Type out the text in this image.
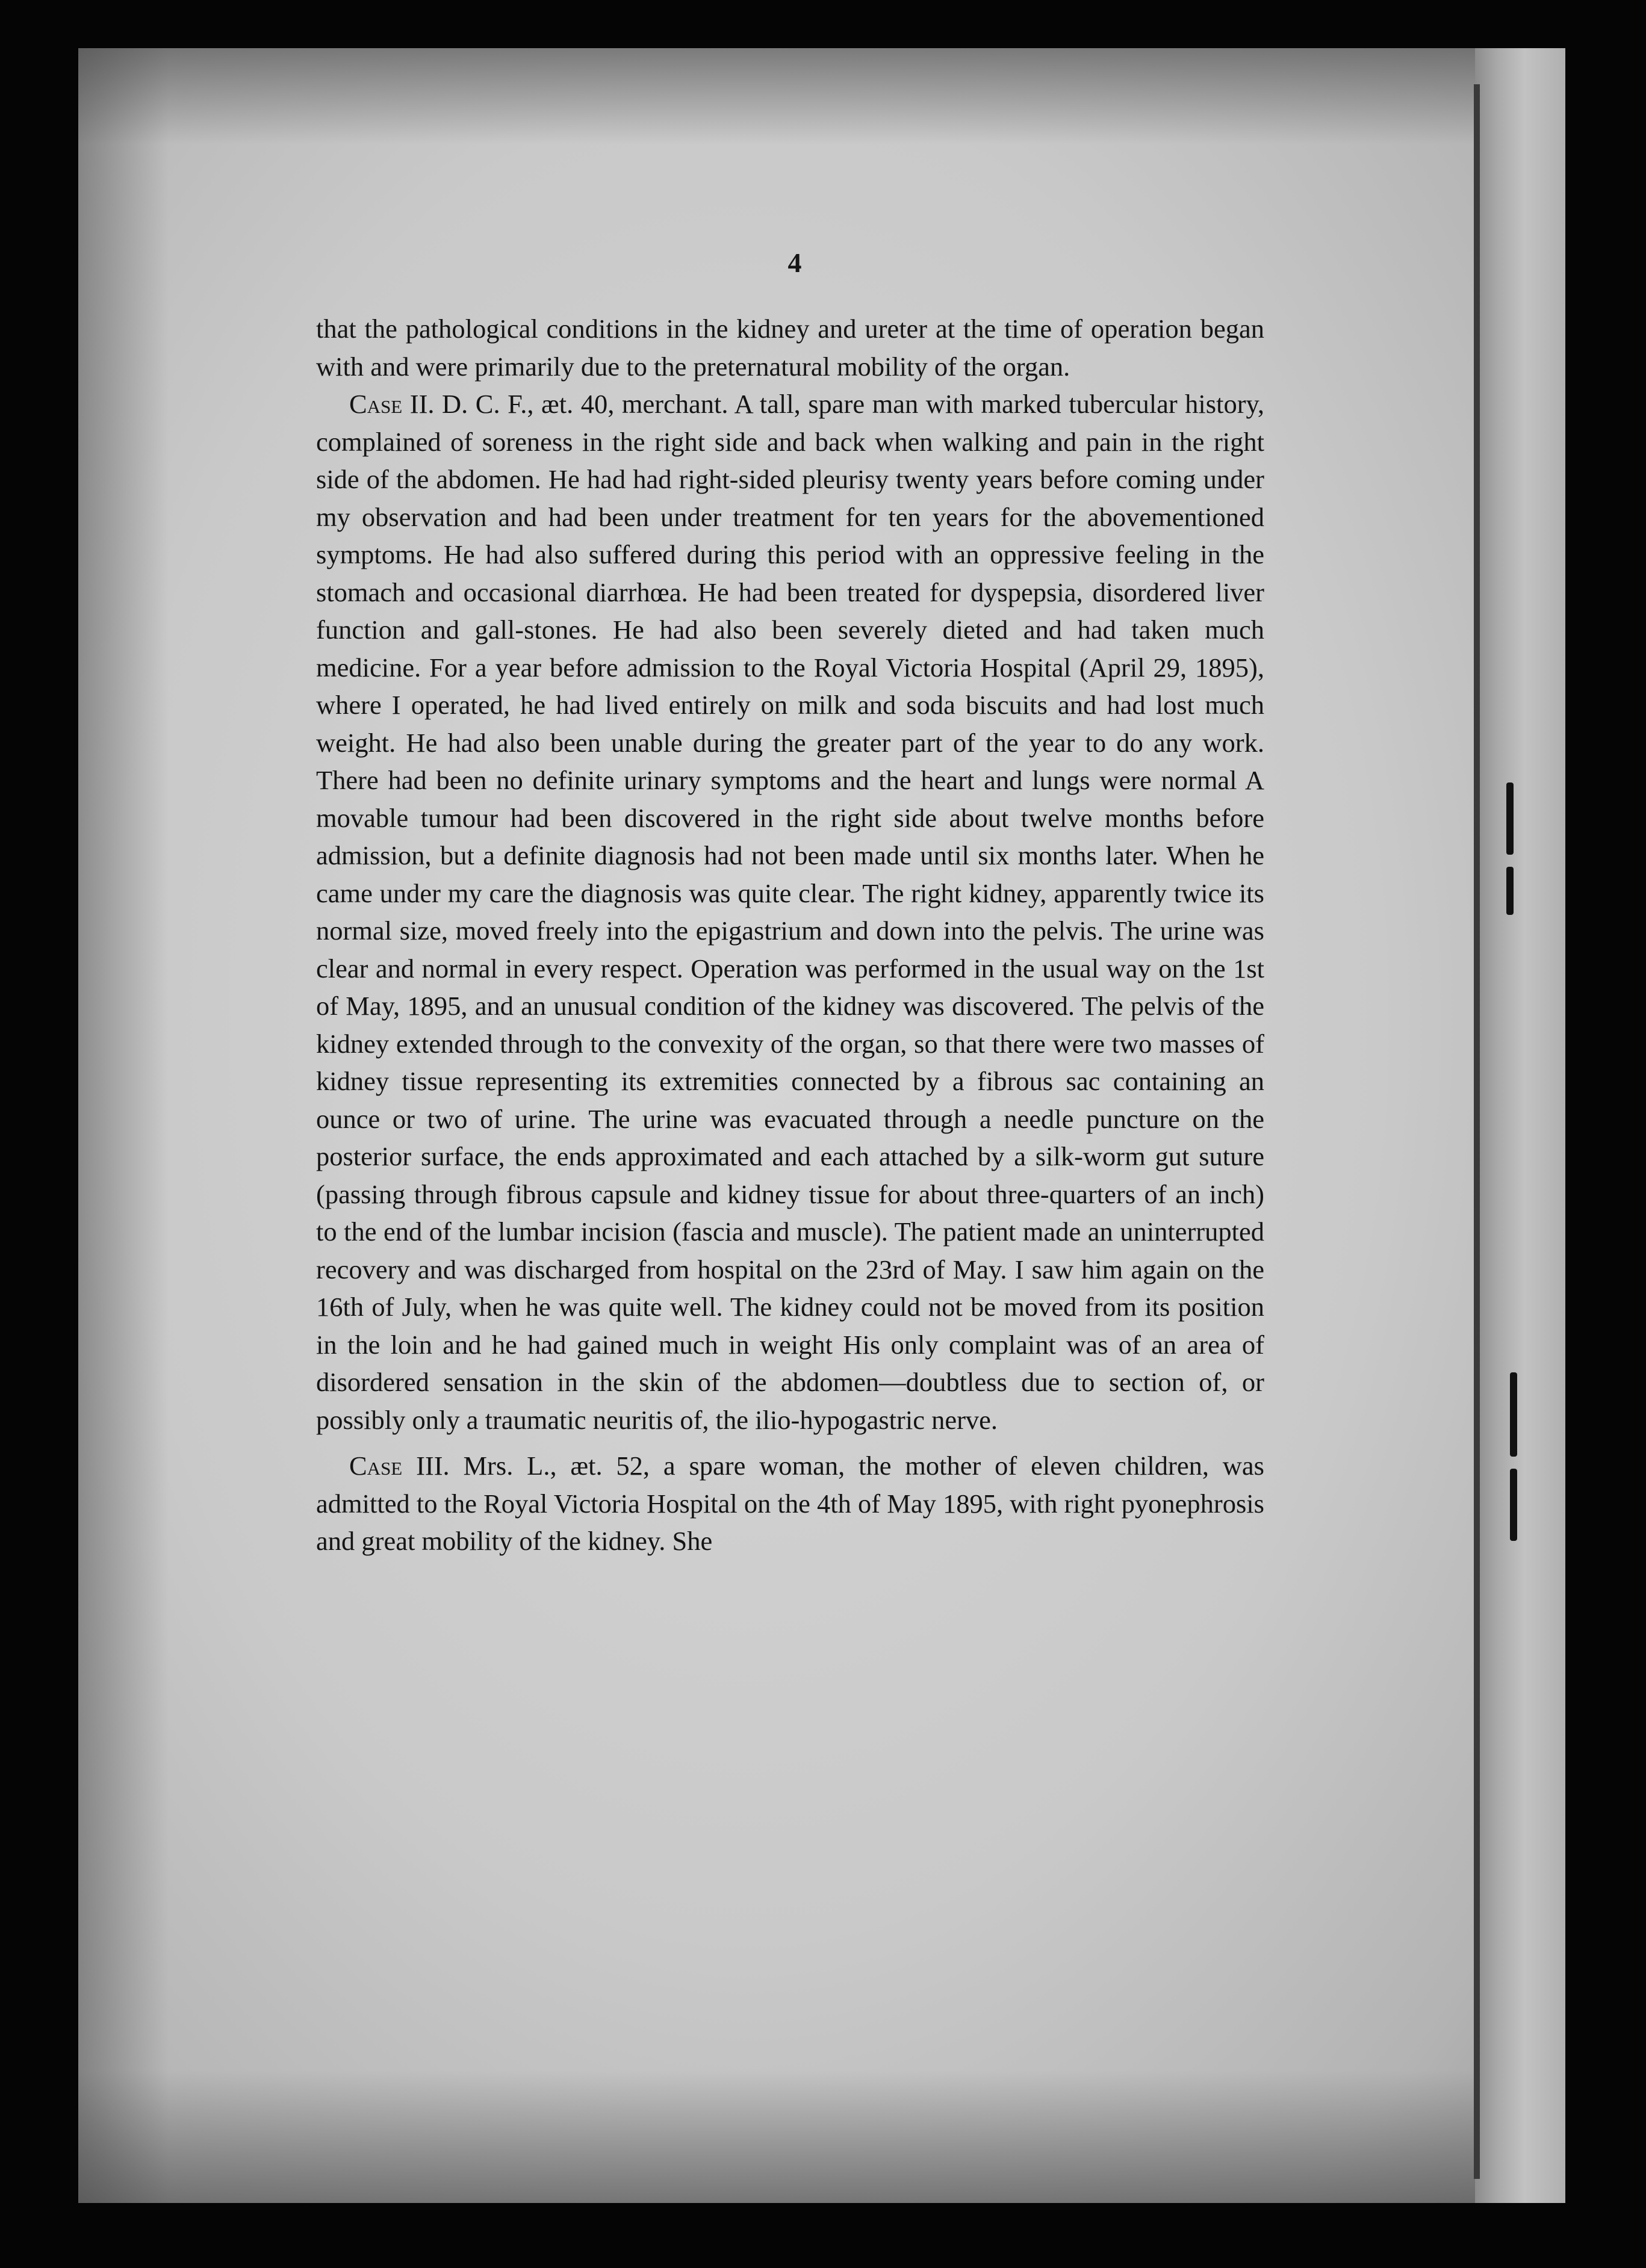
4

that the pathological conditions in the kidney and ureter at the time of operation began with and were primarily due to the preternatural mobility of the organ.

Case II. D. C. F., æt. 40, merchant. A tall, spare man with marked tubercular history, complained of soreness in the right side and back when walking and pain in the right side of the abdomen. He had had right-sided pleurisy twenty years before coming under my observation and had been under treatment for ten years for the abovementioned symptoms. He had also suffered during this period with an oppressive feeling in the stomach and occasional diarrhœa. He had been treated for dyspepsia, disordered liver function and gall-stones. He had also been severely dieted and had taken much medicine. For a year before admission to the Royal Victoria Hospital (April 29, 1895), where I operated, he had lived entirely on milk and soda biscuits and had lost much weight. He had also been unable during the greater part of the year to do any work. There had been no definite urinary symptoms and the heart and lungs were normal A movable tumour had been discovered in the right side about twelve months before admission, but a definite diagnosis had not been made until six months later. When he came under my care the diagnosis was quite clear. The right kidney, apparently twice its normal size, moved freely into the epigastrium and down into the pelvis. The urine was clear and normal in every respect. Operation was performed in the usual way on the 1st of May, 1895, and an unusual condition of the kidney was discovered. The pelvis of the kidney extended through to the convexity of the organ, so that there were two masses of kidney tissue representing its extremities connected by a fibrous sac containing an ounce or two of urine. The urine was evacuated through a needle puncture on the posterior surface, the ends approximated and each attached by a silk-worm gut suture (passing through fibrous capsule and kidney tissue for about three-quarters of an inch) to the end of the lumbar incision (fascia and muscle). The patient made an uninterrupted recovery and was discharged from hospital on the 23rd of May. I saw him again on the 16th of July, when he was quite well. The kidney could not be moved from its position in the loin and he had gained much in weight His only complaint was of an area of disordered sensation in the skin of the abdomen—doubtless due to section of, or possibly only a traumatic neuritis of, the ilio-hypogastric nerve.

Case III. Mrs. L., æt. 52, a spare woman, the mother of eleven children, was admitted to the Royal Victoria Hospital on the 4th of May 1895, with right pyonephrosis and great mobility of the kidney. She
